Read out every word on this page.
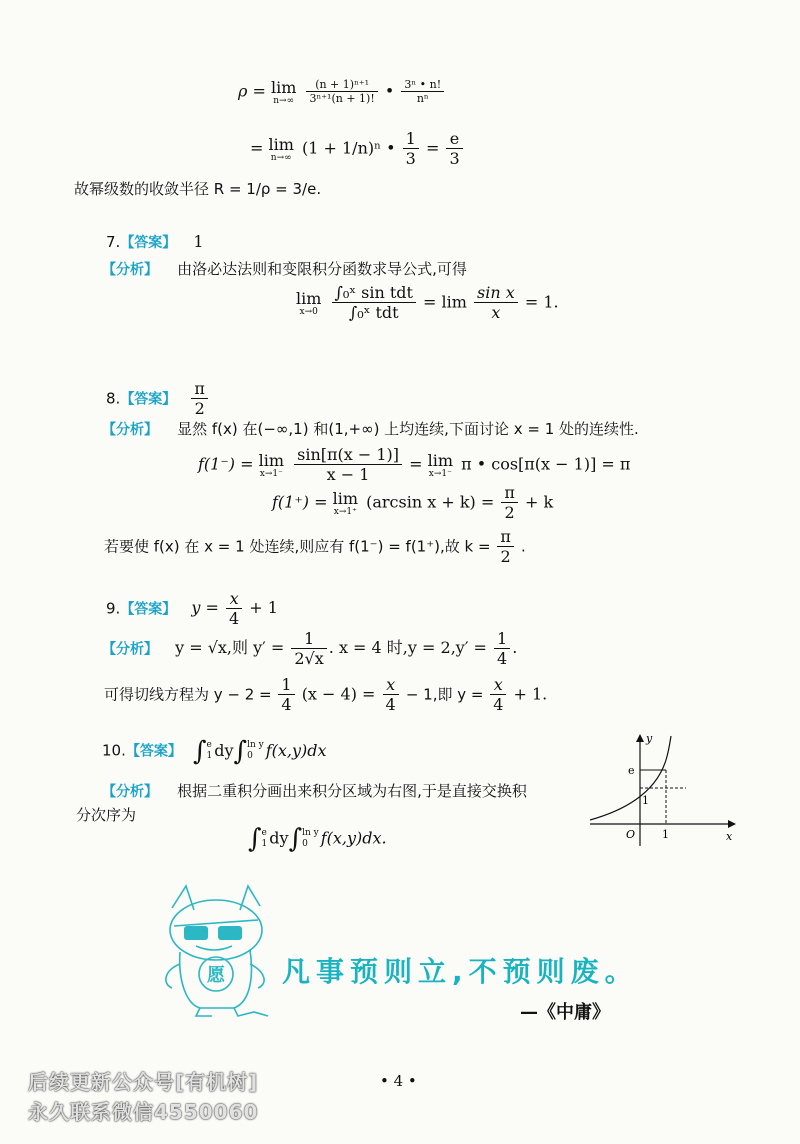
ρ = lim
n→∞
$\frac{\text{(n + 1)ⁿ⁺¹}}{\text{3ⁿ⁺¹(n + 1)!}}$ • $\frac{\text{3ⁿ • n!}}{\text{nⁿ}}$
= lim
n→∞
(1 + 1/n)ⁿ • $\frac{1}{3} = \frac{e}{3}$
故幂级数的收敛半径 R = 1/ρ = 3/e.
7.【答案】 1
【分析】 由洛必达法则和变限积分函数求导公式,可得
lim
x→0
$\frac{\text{∫₀ˣ sin tdt}}{\text{∫₀ˣ tdt}} = \lim \frac{\text{sin x}}{x} = 1$.
8.【答案】 $\frac{\pi}{2}$
【分析】 显然 f(x) 在(−∞,1) 和(1,+∞) 上均连续,下面讨论 x = 1 处的连续性.
f(1⁻) = lim
x→1⁻
$\frac{\sin[\pi(x - 1)]}{x - 1} = \lim$
x→1⁻
π • cos[π(x − 1)] = π
f(1⁺) = lim
x→1⁺
(arcsin $x + k) = \frac{\pi}{2} + k$
若要使 f(x) 在 x = 1 处连续,则应有 f(1⁻) = f(1⁺),故 $k = \frac{\pi}{2}$ .
9.【答案】 $y = \frac{x}{4} + 1$
【分析】 y = √x,则 $y' = \frac{1}{2√x}$ . x = 4 时$,y = 2,y' = \frac{1}{4}$ .
可得切线方程为 $y - 2 = \frac{1}{4} (x - 4) = \frac{x}{4} - 1$,即 $y = \frac{x}{4} + 1$.
10.【答案】 ∫ e
1 dy∫ ln y
0 f(x,y)dx
【分析】 根据二重积分画出来积分区域为右图,于是直接交换积
分次序为
∫ e
1 dy∫ ln y
0 f(x,y)dx.
y
x
O
e
1
1
愿 凡事预则立,不预则废。
—《中庸》
• 4 •
后续更新公众号[有机树]
永久联系微信4550060
